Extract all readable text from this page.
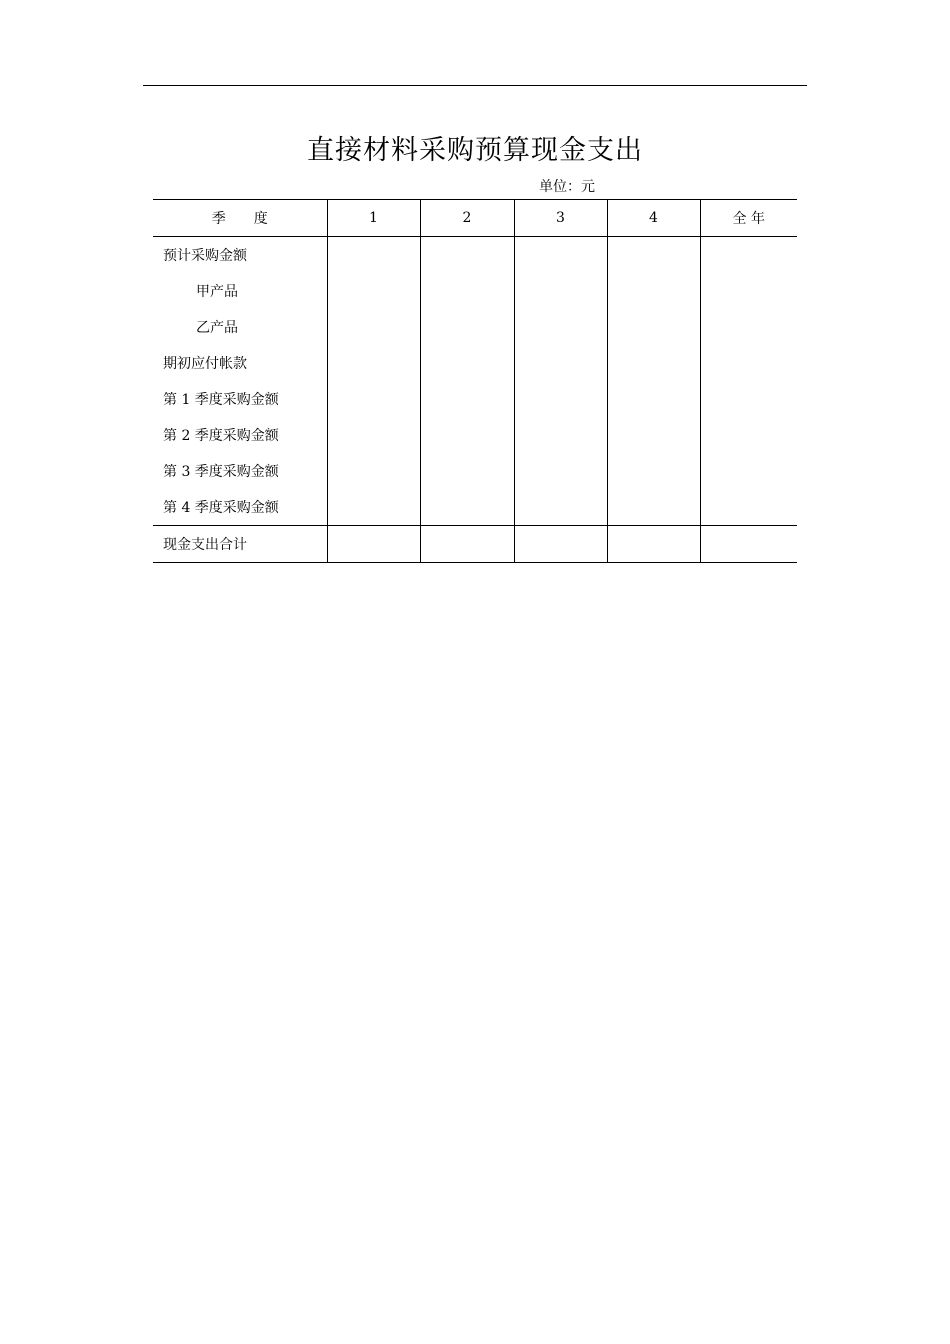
直接材料采购预算现金支出
单位：元
季　　度	1	2	3	4	全 年
预计采购金额					
甲产品					
乙产品					
期初应付帐款					
第 1 季度采购金额					
第 2 季度采购金额					
第 3 季度采购金额					
第 4 季度采购金额					
现金支出合计					
